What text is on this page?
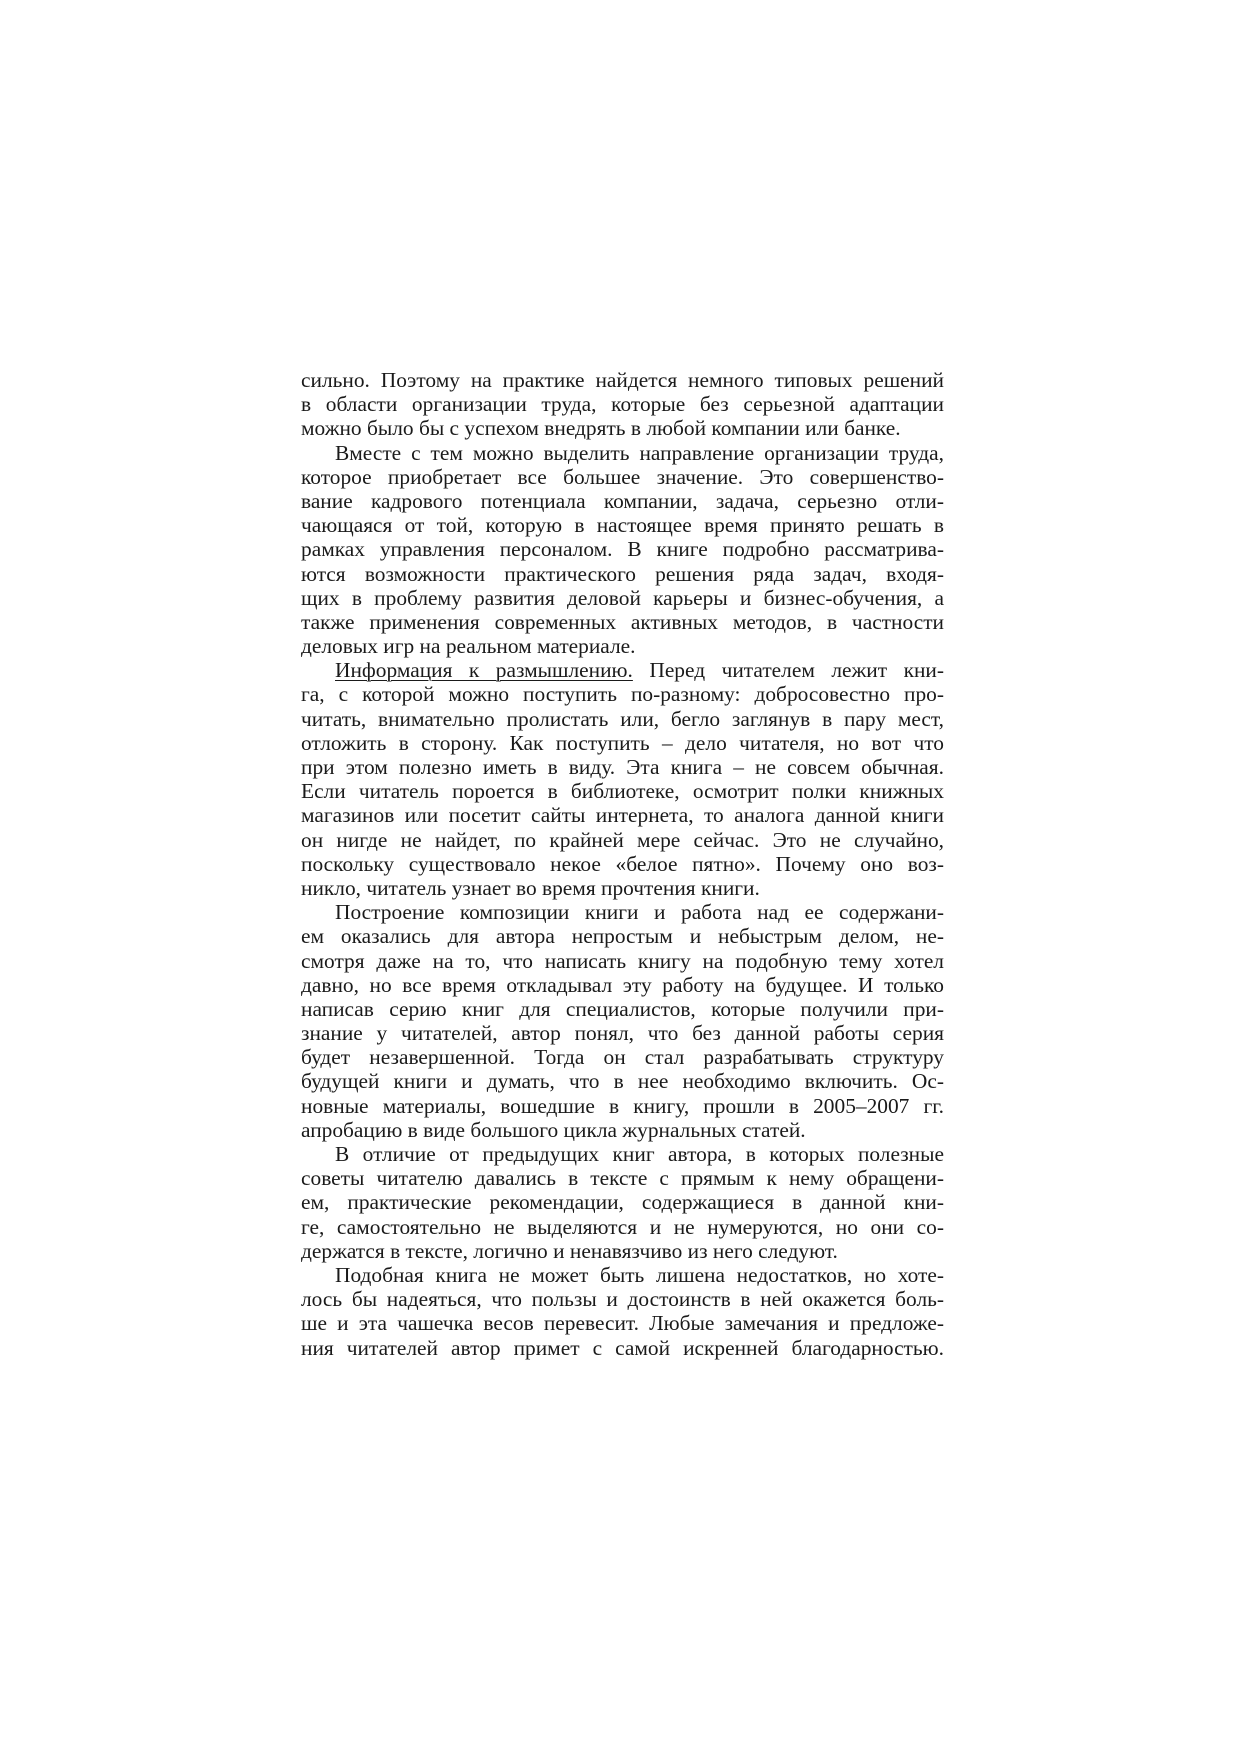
сильно. Поэтому на практике найдется немного типовых решений
в области организации труда, которые без серьезной адаптации
можно было бы с успехом внедрять в любой компании или банке.
Вместе с тем можно выделить направление организации труда,
которое приобретает все большее значение. Это совершенство-
вание кадрового потенциала компании, задача, серьезно отли-
чающаяся от той, которую в настоящее время принято решать в
рамках управления персоналом. В книге подробно рассматрива-
ются возможности практического решения ряда задач, входя-
щих в проблему развития деловой карьеры и бизнес-обучения, а
также применения современных активных методов, в частности
деловых игр на реальном материале.
Информация к размышлению. Перед читателем лежит кни-
га, с которой можно поступить по-разному: добросовестно про-
читать, внимательно пролистать или, бегло заглянув в пару мест,
отложить в сторону. Как поступить – дело читателя, но вот что
при этом полезно иметь в виду. Эта книга – не совсем обычная.
Если читатель пороется в библиотеке, осмотрит полки книжных
магазинов или посетит сайты интернета, то аналога данной книги
он нигде не найдет, по крайней мере сейчас. Это не случайно,
поскольку существовало некое «белое пятно». Почему оно воз-
никло, читатель узнает во время прочтения книги.
Построение композиции книги и работа над ее содержани-
ем оказались для автора непростым и небыстрым делом, не-
смотря даже на то, что написать книгу на подобную тему хотел
давно, но все время откладывал эту работу на будущее. И только
написав серию книг для специалистов, которые получили при-
знание у читателей, автор понял, что без данной работы серия
будет незавершенной. Тогда он стал разрабатывать структуру
будущей книги и думать, что в нее необходимо включить. Ос-
новные материалы, вошедшие в книгу, прошли в 2005–2007 гг.
апробацию в виде большого цикла журнальных статей.
В отличие от предыдущих книг автора, в которых полезные
советы читателю давались в тексте с прямым к нему обращени-
ем, практические рекомендации, содержащиеся в данной кни-
ге, самостоятельно не выделяются и не нумеруются, но они со-
держатся в тексте, логично и ненавязчиво из него следуют.
Подобная книга не может быть лишена недостатков, но хоте-
лось бы надеяться, что пользы и достоинств в ней окажется боль-
ше и эта чашечка весов перевесит. Любые замечания и предложе-
ния читателей автор примет с самой искренней благодарностью.
